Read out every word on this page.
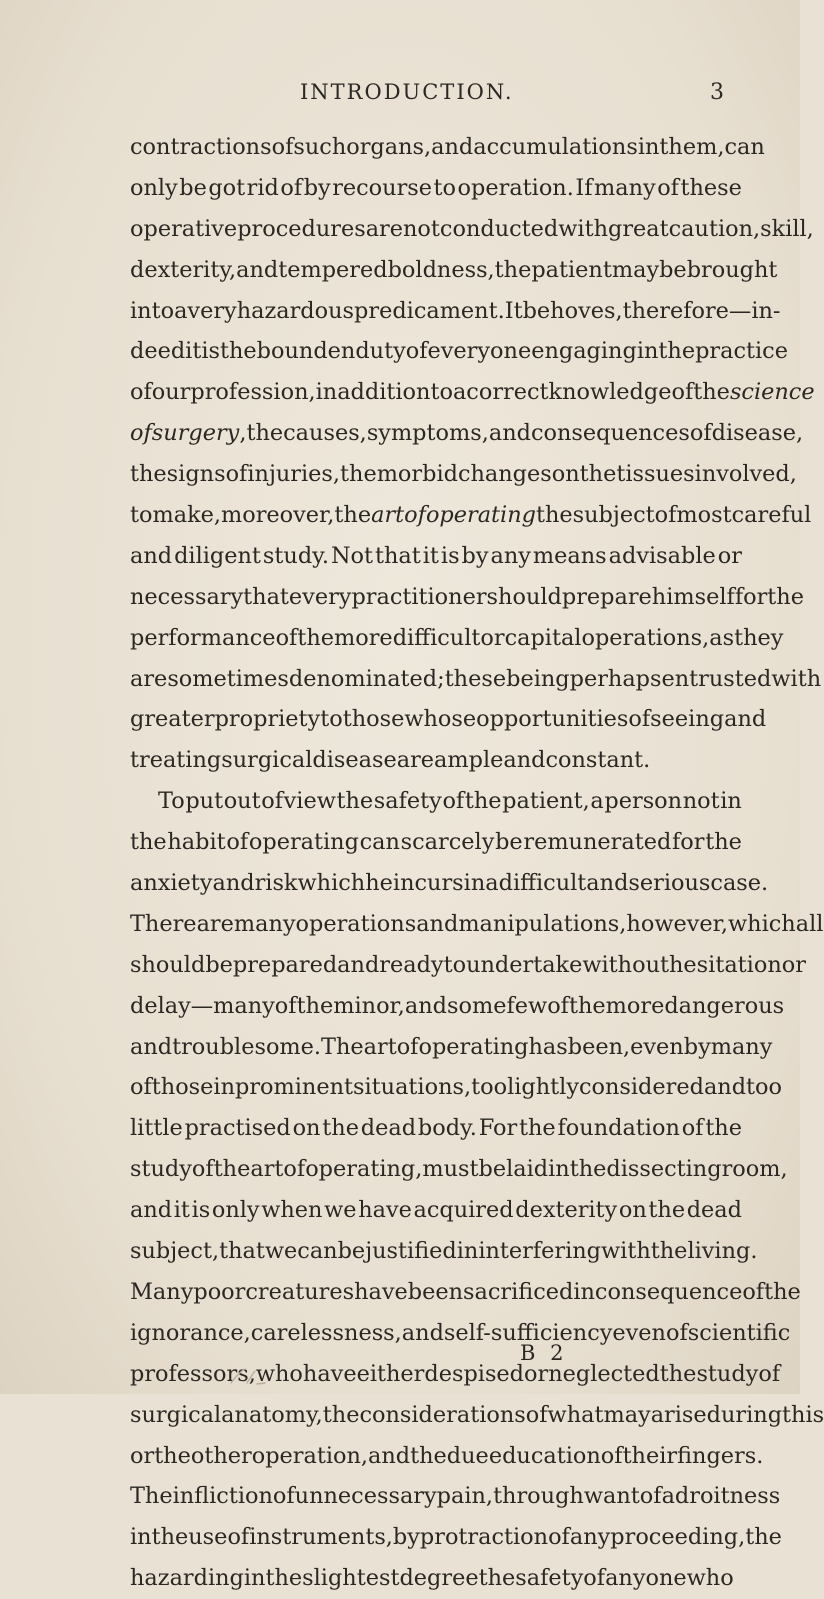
INTRODUCTION.	3
contractions of such organs, and accumulations in them, can
only be got rid of by recourse to operation. If many of these
operative procedures are not conducted with great caution, skill,
dexterity, and tempered boldness, the patient may be brought
into a very hazardous predicament. It behoves, therefore—in-
deed it is the bounden duty of every one engaging in the practice
of our profession, in addition to a correct knowledge of the science
of surgery , the causes, symptoms, and consequences of disease,
the signs of injuries, the morbid changes on the tissues involved,
to make, moreover, the art of operating the subject of most careful
and diligent study. Not that it is by any means advisable or
necessary that every practitioner should prepare himself for the
performance of the more difficult or capital operations, as they
are sometimes denominated ; these being perhaps entrusted with
greater propriety to those whose opportunities of seeing and
treating surgical disease are ample and constant.
To put out of view the safety of the patient, a person not in
the habit of operating can scarcely be remunerated for the
anxiety and risk which he incurs in a difficult and serious case.
There are many operations and manipulations, however, which all
should be prepared and ready to undertake without hesitation or
delay—many of the minor, and some few of the more dangerous
and troublesome. The art of operating has been, even by many
of those in prominent situations, too lightly considered and too
little practised on the dead body. For the foundation of the
study of the art of operating, must be laid in the dissecting room,
and it is only when we have acquired dexterity on the dead
subject, that we can be justified in interfering with the living.
Many poor creatures have been sacrificed in consequence of the
ignorance, carelessness, and self-sufficiency even of scientific
professors, who have either despised or neglected the study of
surgical anatomy, the considerations of what may arise during this
or the other operation, and the due education of their fingers.
The infliction of unnecessary pain, through want of adroitness
in the use of instruments, by protraction of any proceeding, the
hazarding in the slightest degree the safety of any one who
B 2
